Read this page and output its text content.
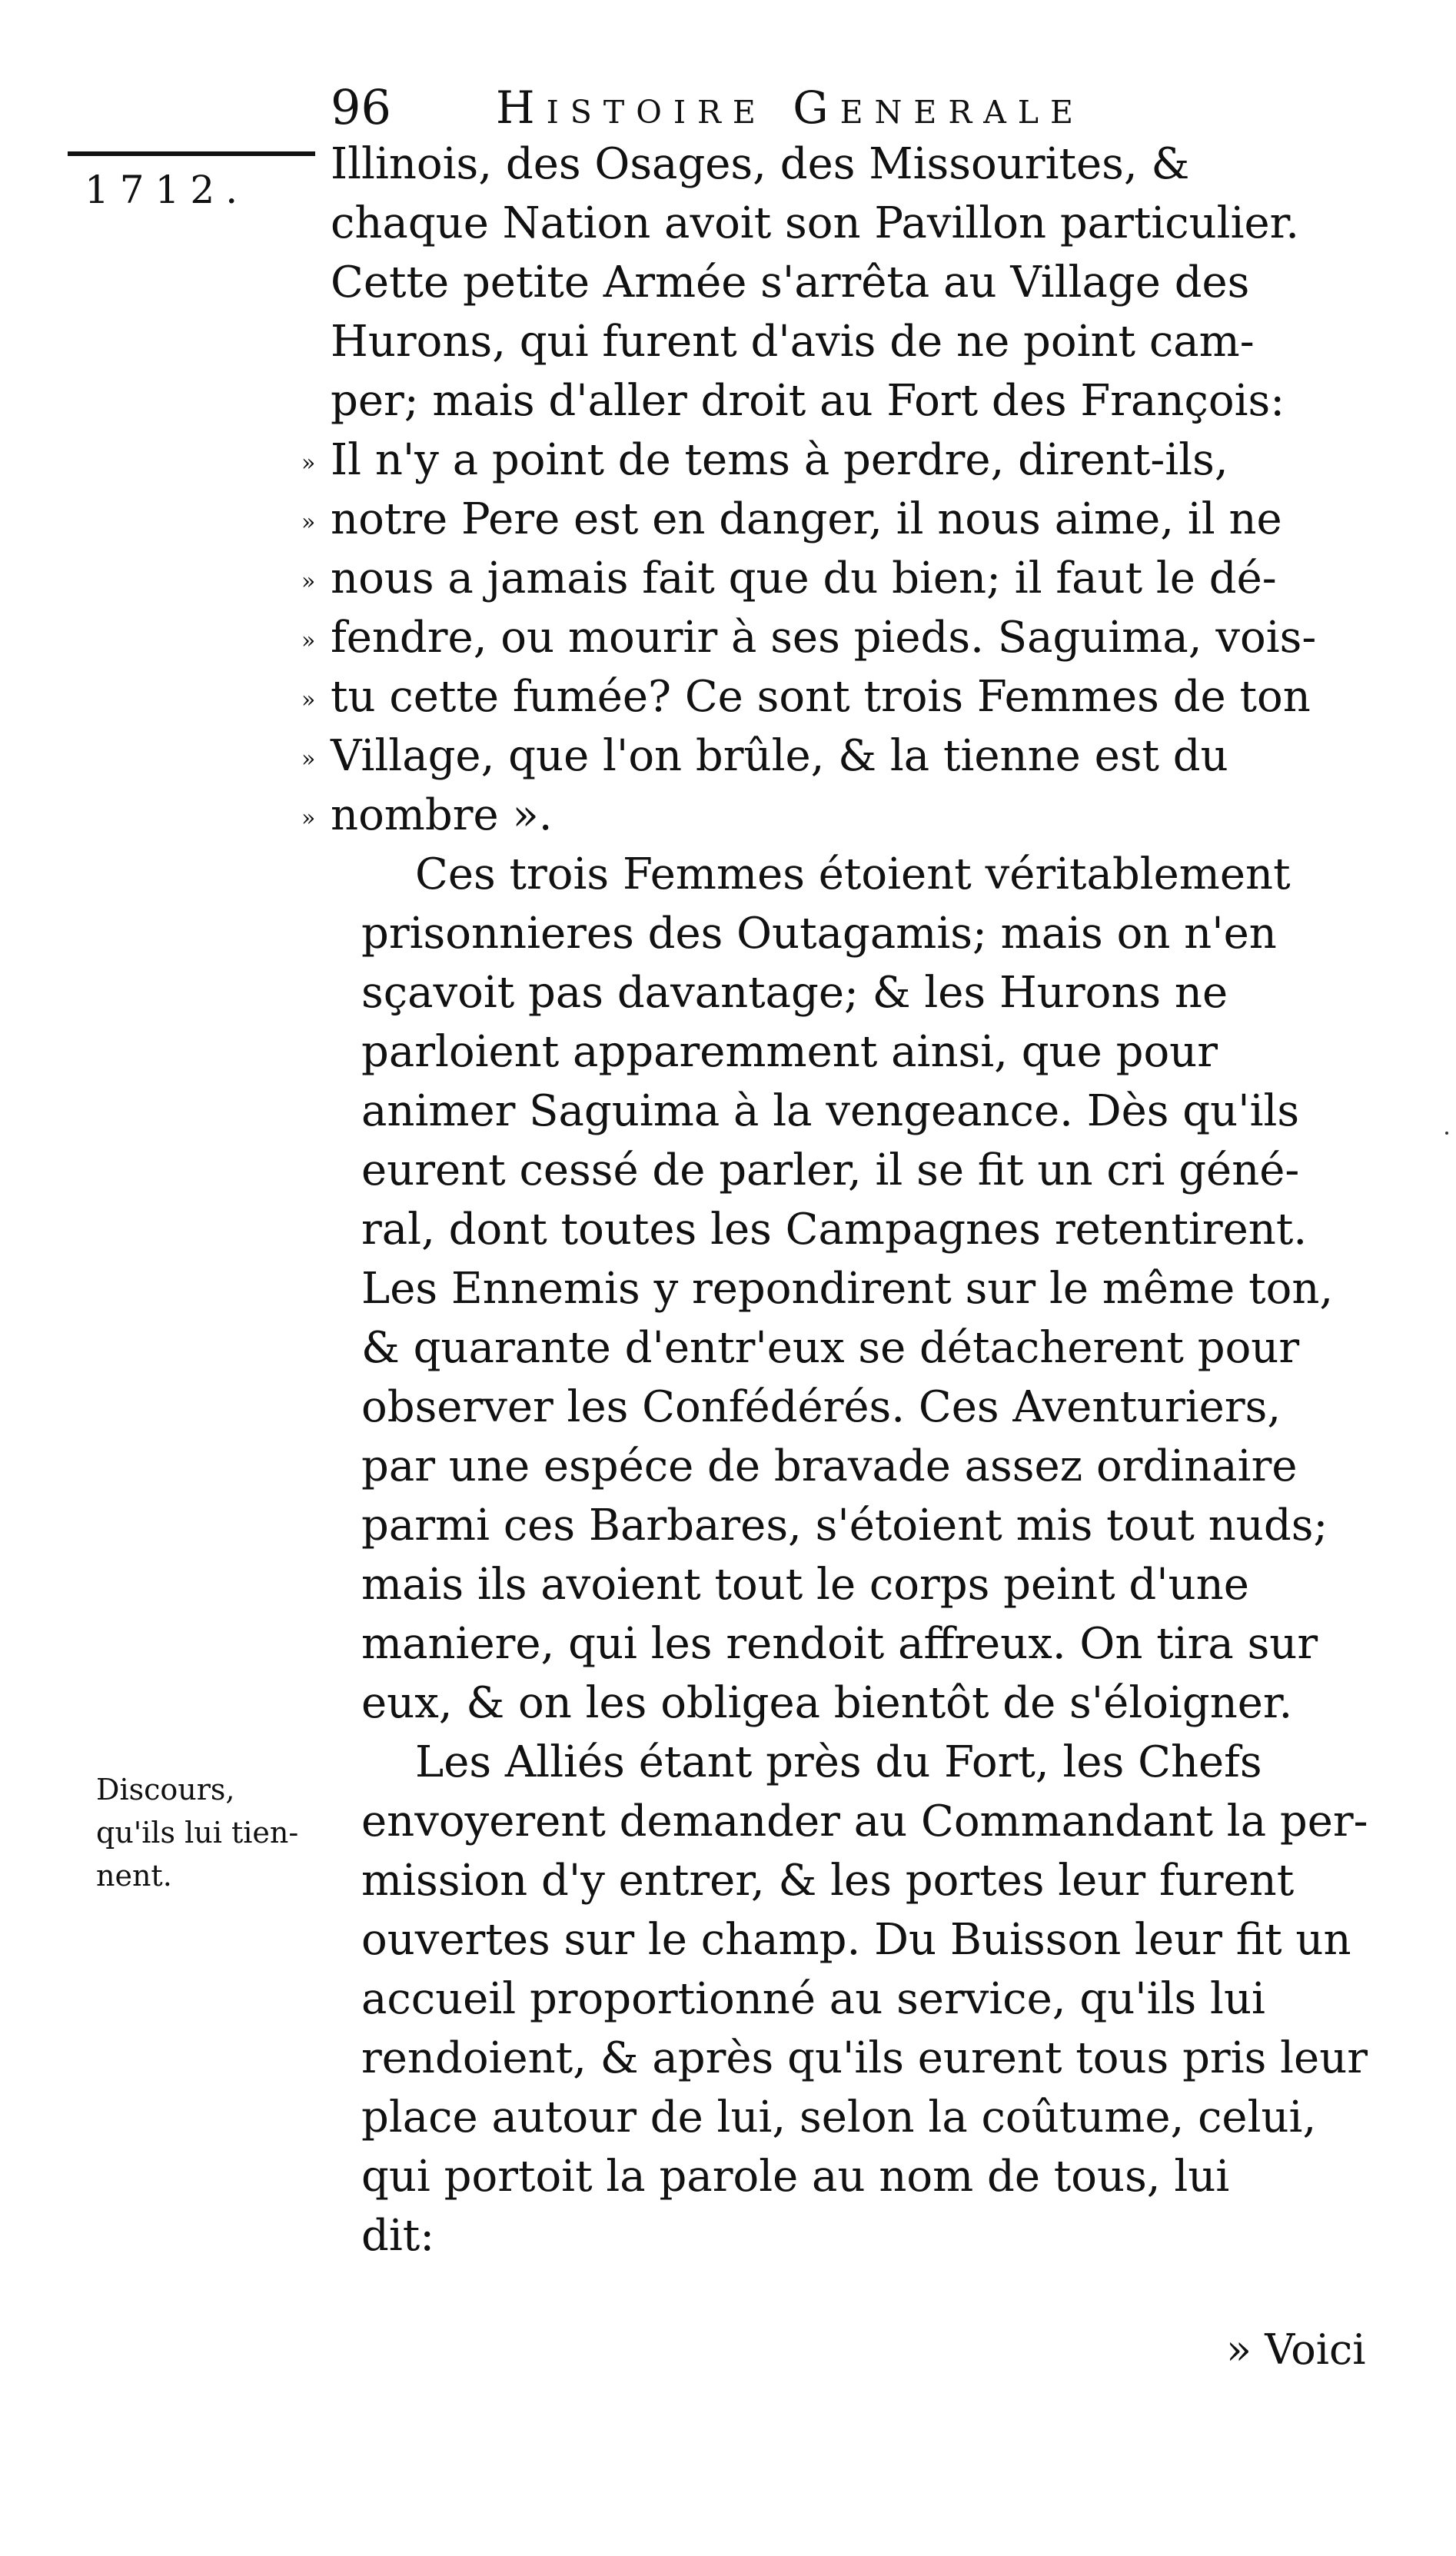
96 Histoire Generale
1712.
Illinois, des Osages, des Missourites, &
chaque Nation avoit son Pavillon particulier.
Cette petite Armée s'arrêta au Village des
Hurons, qui furent d'avis de ne point cam-
per; mais d'aller droit au Fort des François:
» Il n'y a point de tems à perdre, dirent-ils,
» notre Pere est en danger, il nous aime, il ne
» nous a jamais fait que du bien; il faut le dé-
» fendre, ou mourir à ses pieds. Saguima, vois-
» tu cette fumée? Ce sont trois Femmes de ton
» Village, que l'on brûle, & la tienne est du
» nombre ».
Ces trois Femmes étoient véritablement
prisonnieres des Outagamis; mais on n'en
sçavoit pas davantage; & les Hurons ne
parloient apparemment ainsi, que pour
animer Saguima à la vengeance. Dès qu'ils
eurent cessé de parler, il se fit un cri géné-
ral, dont toutes les Campagnes retentirent.
Les Ennemis y repondirent sur le même ton,
& quarante d'entr'eux se détacherent pour
observer les Confédérés. Ces Aventuriers,
par une espéce de bravade assez ordinaire
parmi ces Barbares, s'étoient mis tout nuds;
mais ils avoient tout le corps peint d'une
maniere, qui les rendoit affreux. On tira sur
eux, & on les obligea bientôt de s'éloigner.
Les Alliés étant près du Fort, les Chefs
envoyerent demander au Commandant la per-
mission d'y entrer, & les portes leur furent
ouvertes sur le champ. Du Buisson leur fit un
accueil proportionné au service, qu'ils lui
rendoient, & après qu'ils eurent tous pris leur
place autour de lui, selon la coûtume, celui,
qui portoit la parole au nom de tous, lui
dit:
Discours,
qu'ils lui tien-
nent.
» Voici
